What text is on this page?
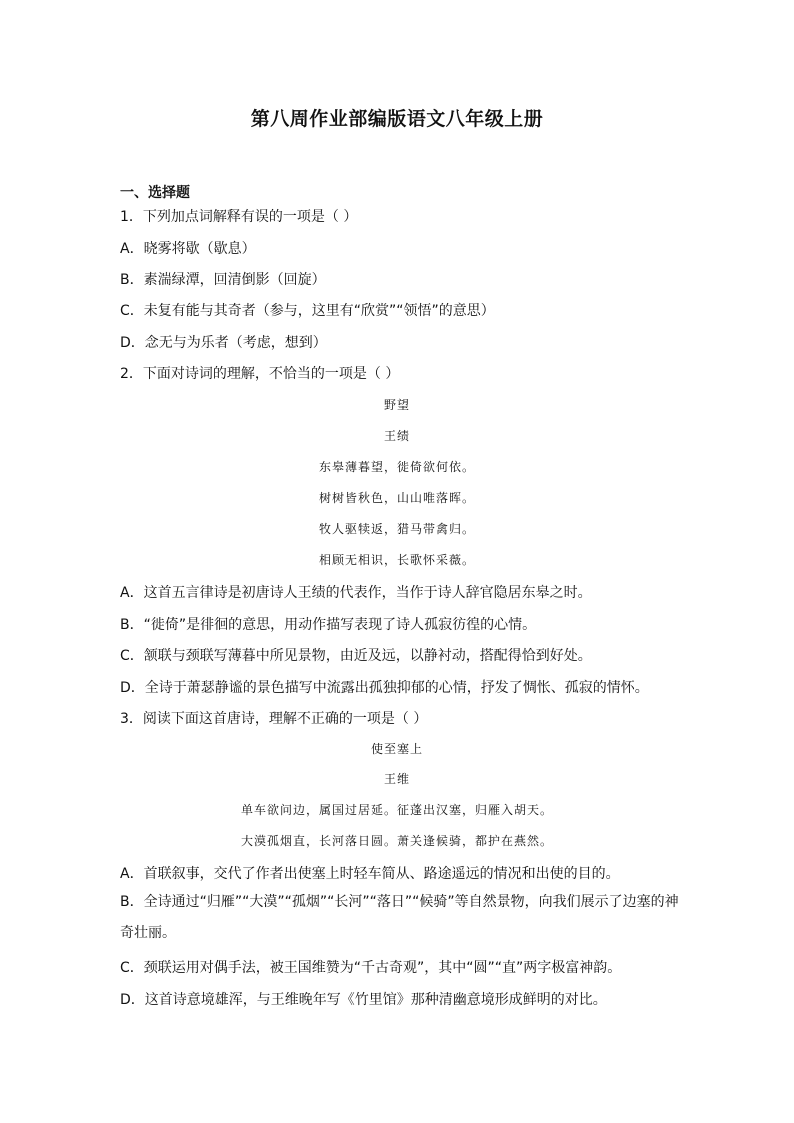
第八周作业部编版语文八年级上册
一、选择题
1．下列加点词解释有误的一项是（ ）
A．晓雾将歇（歇息）
B．素湍绿潭，回清倒影（回旋）
C．未复有能与其奇者（参与，这里有“欣赏”“领悟”的意思）
D．念无与为乐者（考虑，想到）
2．下面对诗词的理解，不恰当的一项是（ ）
野望
王绩
东皋薄暮望，徙倚欲何依。
树树皆秋色，山山唯落晖。
牧人驱犊返，猎马带禽归。
相顾无相识，长歌怀采薇。
A．这首五言律诗是初唐诗人王绩的代表作，当作于诗人辞官隐居东皋之时。
B．“徙倚”是徘徊的意思，用动作描写表现了诗人孤寂彷徨的心情。
C．颔联与颈联写薄暮中所见景物，由近及远，以静衬动，搭配得恰到好处。
D．全诗于萧瑟静谧的景色描写中流露出孤独抑郁的心情，抒发了惆怅、孤寂的情怀。
3．阅读下面这首唐诗，理解不正确的一项是（ ）
使至塞上
王维
单车欲问边，属国过居延。征蓬出汉塞，归雁入胡天。
大漠孤烟直，长河落日圆。萧关逢候骑，都护在燕然。
A．首联叙事，交代了作者出使塞上时轻车简从、路途遥远的情况和出使的目的。
B．全诗通过“归雁”“大漠”“孤烟”“长河”“落日”“候骑”等自然景物，向我们展示了边塞的神奇壮丽。
C．颈联运用对偶手法，被王国维赞为“千古奇观”，其中“圆”“直”两字极富神韵。
D．这首诗意境雄浑，与王维晚年写《竹里馆》那种清幽意境形成鲜明的对比。
